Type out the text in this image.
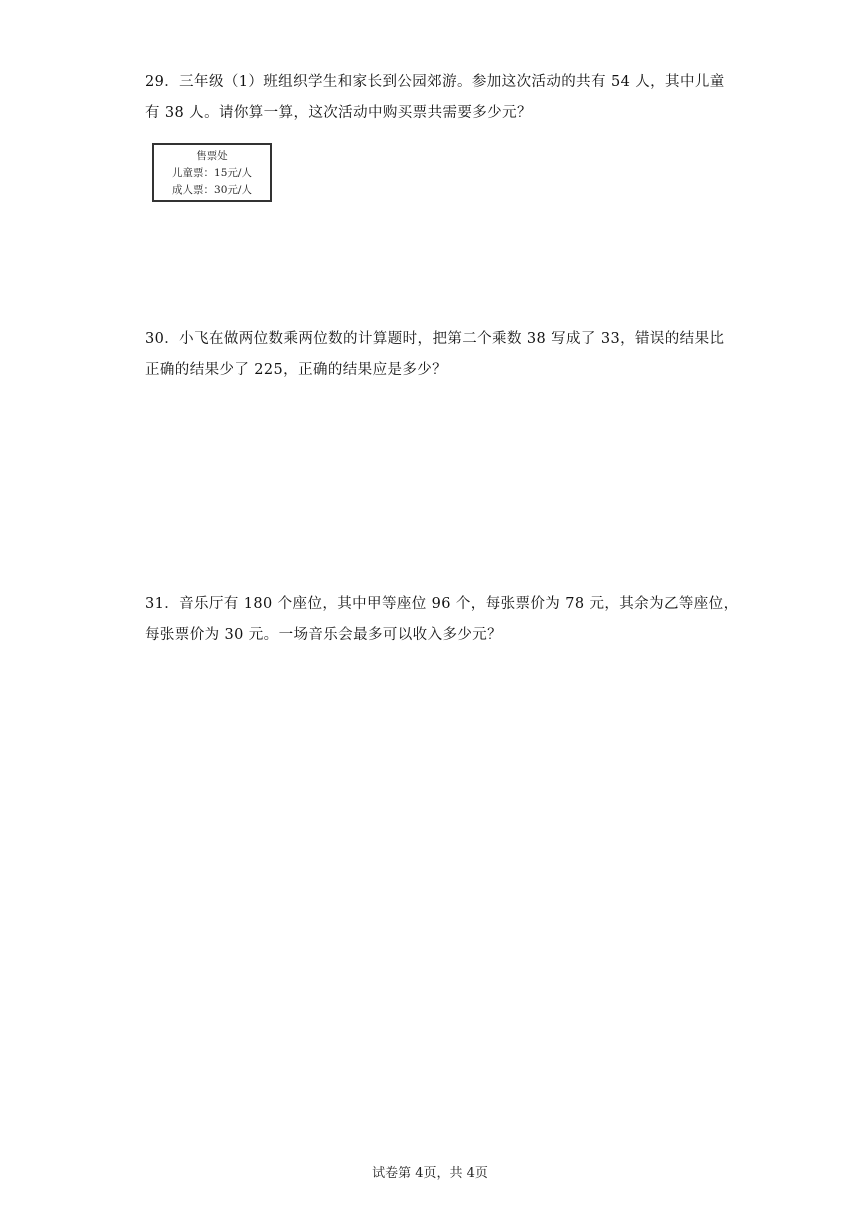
29．三年级（1）班组织学生和家长到公园郊游。参加这次活动的共有 54 人，其中儿童

有 38 人。请你算一算，这次活动中购买票共需要多少元？

售票处
儿童票：15元/人
成人票：30元/人

30．小飞在做两位数乘两位数的计算题时，把第二个乘数 38 写成了 33，错误的结果比

正确的结果少了 225，正确的结果应是多少？

31．音乐厅有 180 个座位，其中甲等座位 96 个，每张票价为 78 元，其余为乙等座位，

每张票价为 30 元。一场音乐会最多可以收入多少元？

试卷第 4页，共 4页
